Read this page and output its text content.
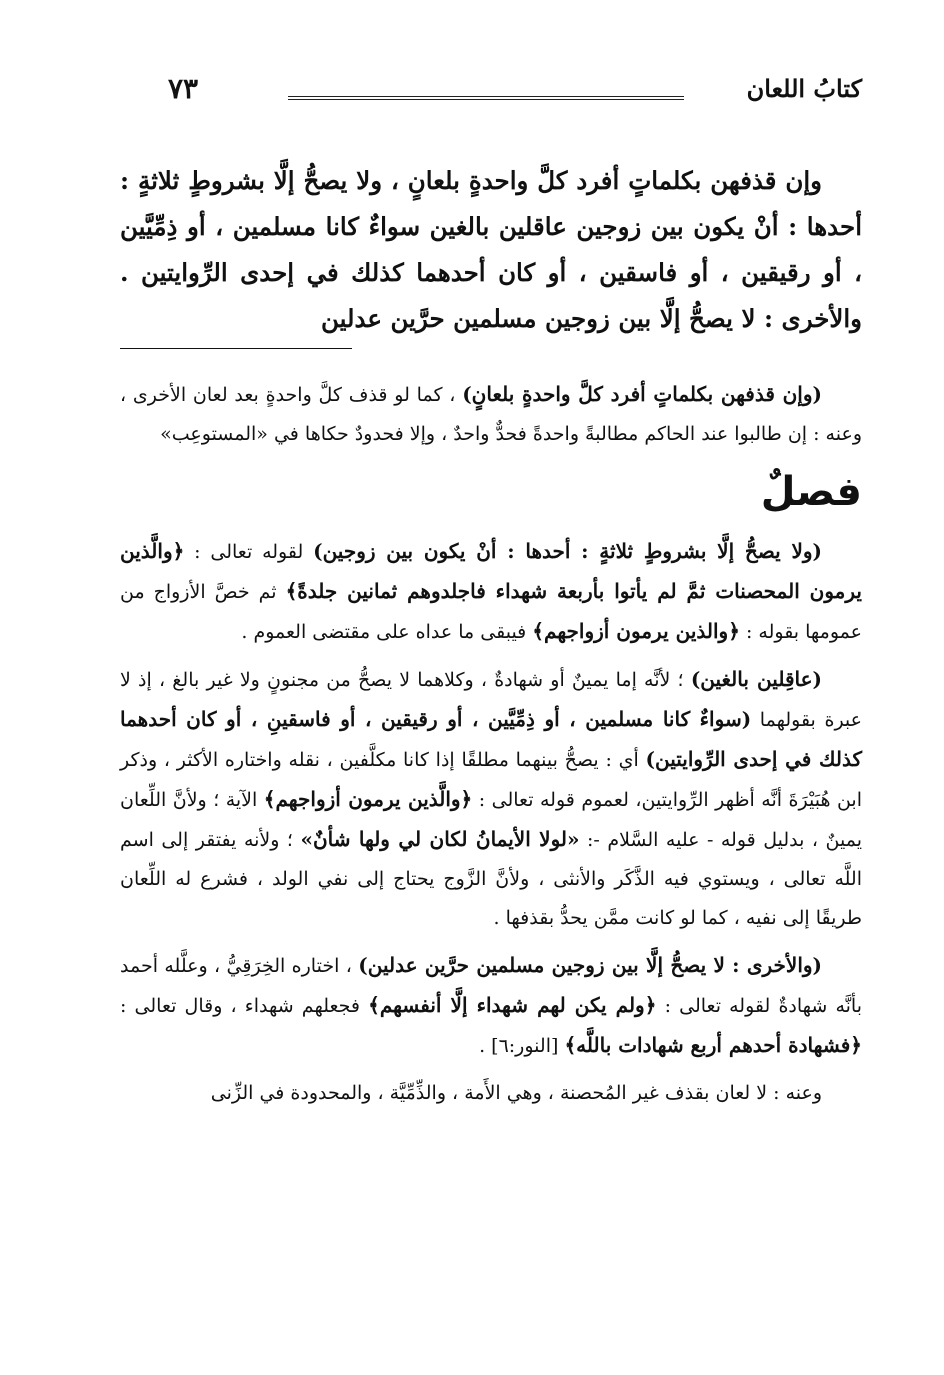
كتابُ اللعان
٧٣

وإن قذفهن بكلماتٍ أفرد كلَّ واحدةٍ بلعانٍ ، ولا يصحُّ إلَّا بشروطٍ ثلاثةٍ : أحدها : أنْ يكون بين زوجين عاقلين بالغين سواءٌ كانا مسلمين ، أو ذِمِّيَّين ، أو رقيقين ، أو فاسقين ، أو كان أحدهما كذلك في إحدى الرِّوايتين . والأخرى : لا يصحُّ إلَّا بين زوجين مسلمين حرَّين عدلين

(وإن قذفهن بكلماتٍ أفرد كلَّ واحدةٍ بلعانٍ) ، كما لو قذف كلَّ واحدةٍ بعد لعان الأخرى ، وعنه : إن طالبوا عند الحاكم مطالبةً واحدةً فحدٌّ واحدٌ ، وإلا فحدودٌ حكاها في «المستوعِب»

فصلٌ

(ولا يصحُّ إلَّا بشروطٍ ثلاثةٍ : أحدها : أنْ يكون بين زوجين) لقوله تعالى : ﴿والَّذين يرمون المحصنات ثمَّ لم يأتوا بأربعة شهداء فاجلدوهم ثمانين جلدةً﴾ ثم خصَّ الأزواج من عمومها بقوله : ﴿والذين يرمون أزواجهم﴾ فيبقى ما عداه على مقتضى العموم .

(عاقِلين بالغين) ؛ لأنَّه إما يمينٌ أو شهادةٌ ، وكلاهما لا يصحُّ من مجنونٍ ولا غير بالغ ، إذ لا عبرة بقولهما (سواءٌ كانا مسلمين ، أو ذِمِّيَّين ، أو رقيقين ، أو فاسقينِ ، أو كان أحدهما كذلك في إحدى الرِّوايتين) أي : يصحُّ بينهما مطلقًا إذا كانا مكلَّفين ، نقله واختاره الأكثر ، وذكر ابن هُبَيْرَةَ أنَّه أظهر الرِّوايتين، لعموم قوله تعالى : ﴿والَّذين يرمون أزواجهم﴾ الآية ؛ ولأنَّ اللِّعان يمينٌ ، بدليل قوله - عليه السَّلام -: «لولا الأيمانُ لكان لي ولها شأنٌ» ؛ ولأنه يفتقر إلى اسم اللَّه تعالى ، ويستوي فيه الذَّكَر والأنثى ، ولأنَّ الزَّوج يحتاج إلى نفي الولد ، فشرع له اللِّعان طريقًا إلى نفيه ، كما لو كانت ممَّن يحدُّ بقذفها .

(والأخرى : لا يصحُّ إلَّا بين زوجين مسلمين حرَّين عدلين) ، اختاره الخِرَقِيُّ ، وعلَّله أحمد بأنَّه شهادةٌ لقوله تعالى : ﴿ولم يكن لهم شهداء إلَّا أنفسهم﴾ فجعلهم شهداء ، وقال تعالى : ﴿فشهادة أحدهم أربع شهادات باللَّه﴾ [النور:٦] .

وعنه : لا لعان بقذف غير المُحصنة ، وهي الأَمة ، والذِّمِّيَّة ، والمحدودة في الزِّنى
